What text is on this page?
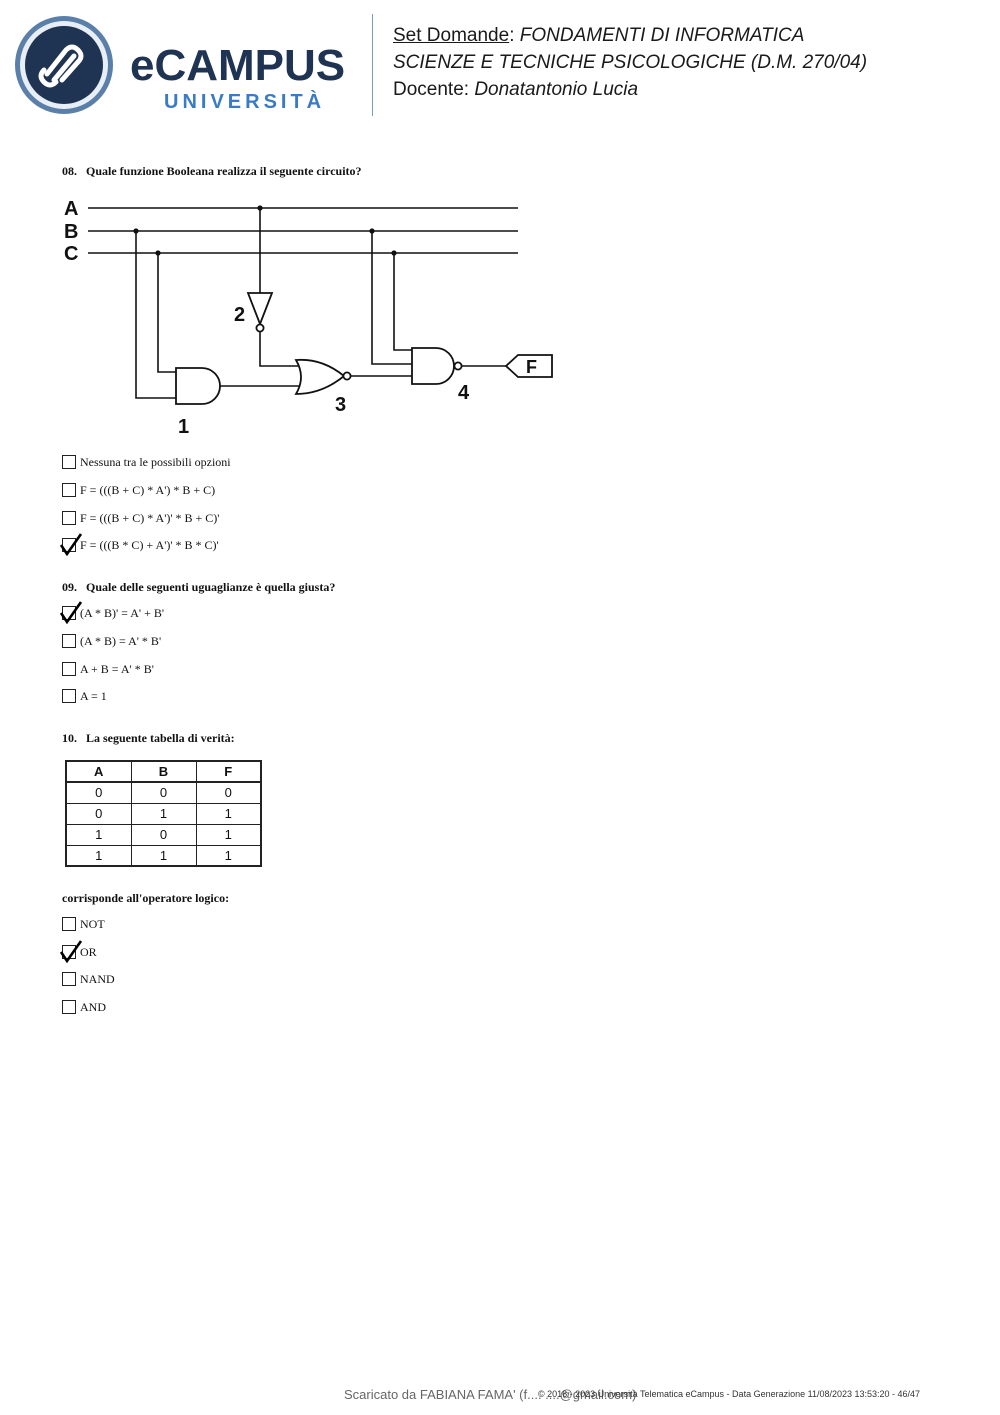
eCAMPUS
UNIVERSITÀ
Set Domande: FONDAMENTI DI INFORMATICA
SCIENZE E TECNICHE PSICOLOGICHE (D.M. 270/04)
Docente: Donatantonio Lucia
08. Quale funzione Booleana realizza il seguente circuito?
A
B
C
2
1
3
4
F
Nessuna tra le possibili opzioni
F = (((B + C) * A') * B + C)
F = (((B + C) * A')' * B + C)'
F = (((B * C) + A')' * B * C)'
09. Quale delle seguenti uguaglianze è quella giusta?
(A * B)' = A' + B'
(A * B) = A' * B'
A + B = A' * B'
A = 1
10. La seguente tabella di verità:
A	B	F
0	0	0
0	1	1
1	0	1
1	1	1
corrisponde all'operatore logico:
NOT
OR
NAND
AND
Scaricato da FABIANA FAMA' (f.... ....@gmail.com)
© 2016 - 2023 Università Telematica eCampus - Data Generazione 11/08/2023 13:53:20 - 46/47
